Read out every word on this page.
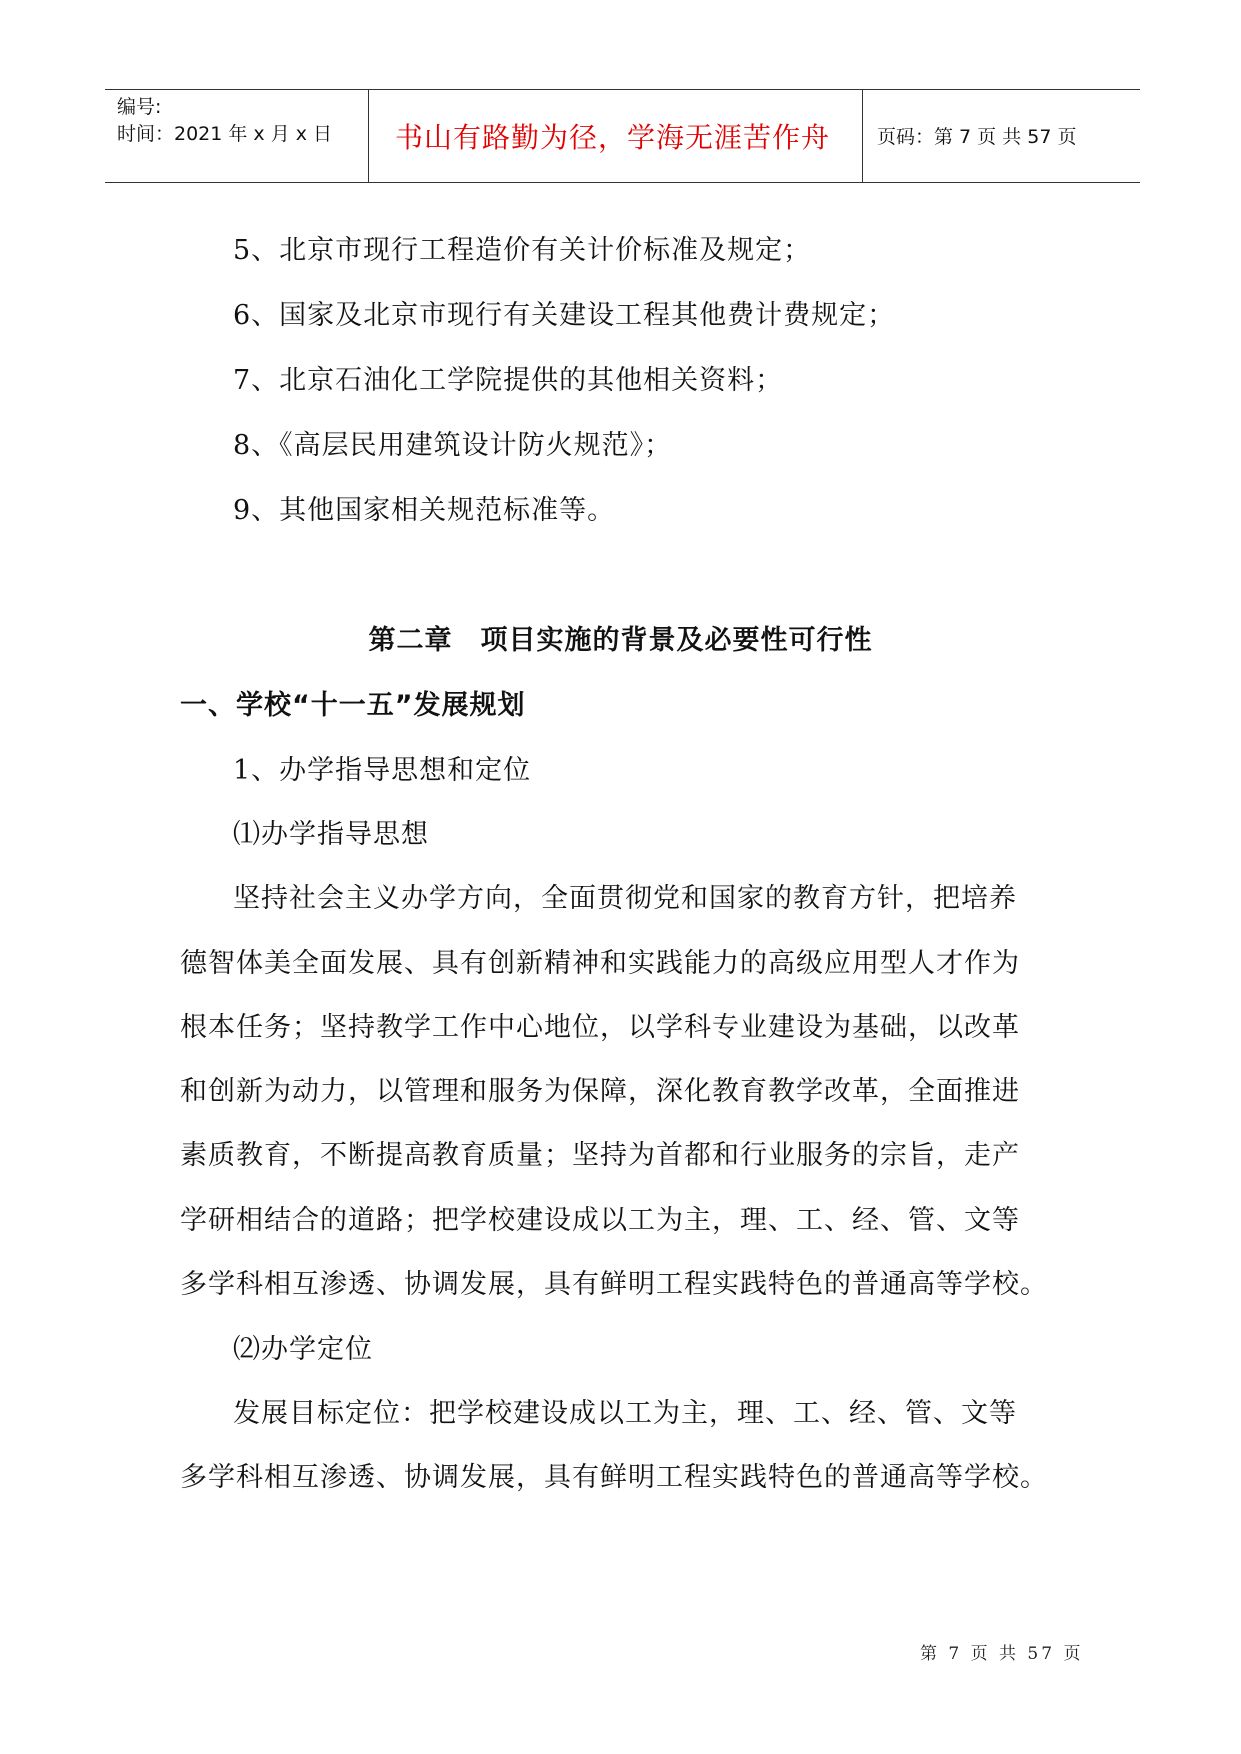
编号:
时间：2021 年 x 月 x 日 书山有路勤为径，学海无涯苦作舟 页码：第 7 页 共 57 页
5、北京市现行工程造价有关计价标准及规定；
6、国家及北京市现行有关建设工程其他费计费规定；
7、北京石油化工学院提供的其他相关资料；
8、《高层民用建筑设计防火规范》；
9、其他国家相关规范标准等。
第二章　项目实施的背景及必要性可行性
一、学校“十一五”发展规划
1、办学指导思想和定位
⑴办学指导思想
坚持社会主义办学方向，全面贯彻党和国家的教育方针，把培养
德智体美全面发展、具有创新精神和实践能力的高级应用型人才作为
根本任务；坚持教学工作中心地位，以学科专业建设为基础，以改革
和创新为动力，以管理和服务为保障，深化教育教学改革，全面推进
素质教育，不断提高教育质量；坚持为首都和行业服务的宗旨，走产
学研相结合的道路；把学校建设成以工为主，理、工、经、管、文等
多学科相互渗透、协调发展，具有鲜明工程实践特色的普通高等学校。
⑵办学定位
发展目标定位：把学校建设成以工为主，理、工、经、管、文等
多学科相互渗透、协调发展，具有鲜明工程实践特色的普通高等学校。
第 7 页 共 57 页
